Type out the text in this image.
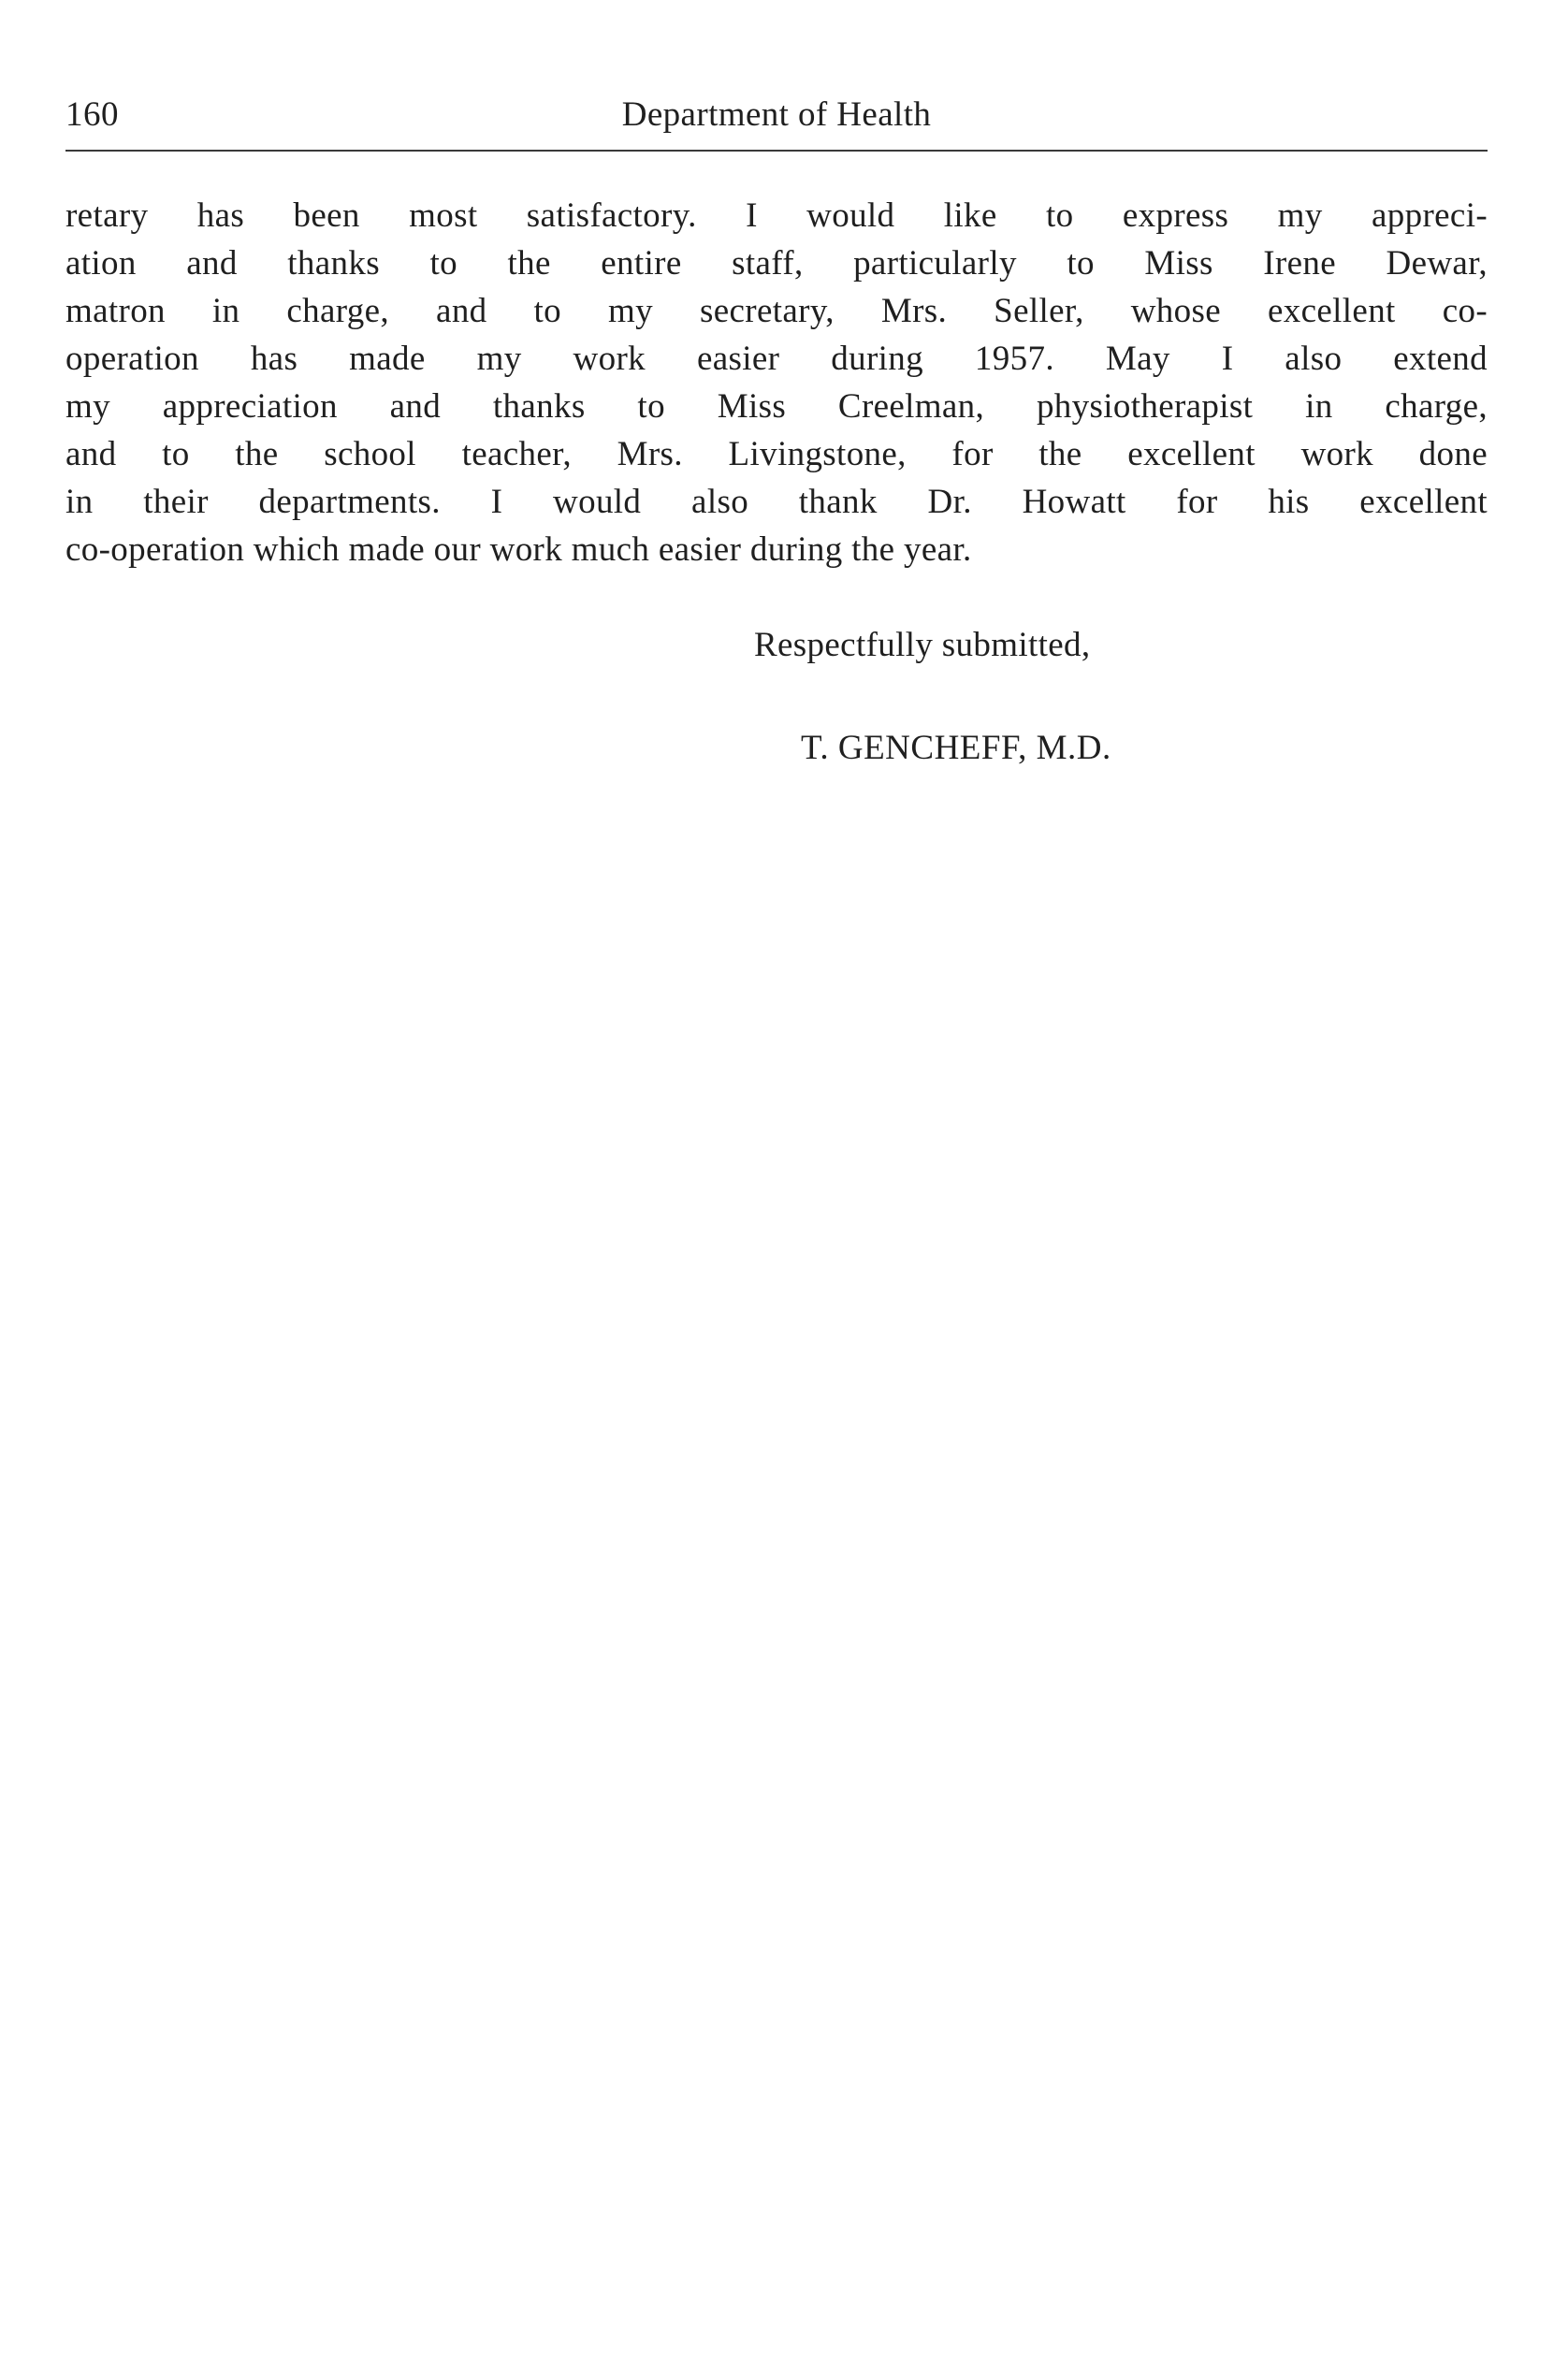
160	Department of Health
retary has been most satisfactory. I would like to express my appreci-
ation and thanks to the entire staff, particularly to Miss Irene Dewar,
matron in charge, and to my secretary, Mrs. Seller, whose excellent co-
operation has made my work easier during 1957. May I also extend
my appreciation and thanks to Miss Creelman, physiotherapist in charge,
and to the school teacher, Mrs. Livingstone, for the excellent work done
in their departments. I would also thank Dr. Howatt for his excellent
co-operation which made our work much easier during the year.
Respectfully submitted,
T. GENCHEFF, M.D.
